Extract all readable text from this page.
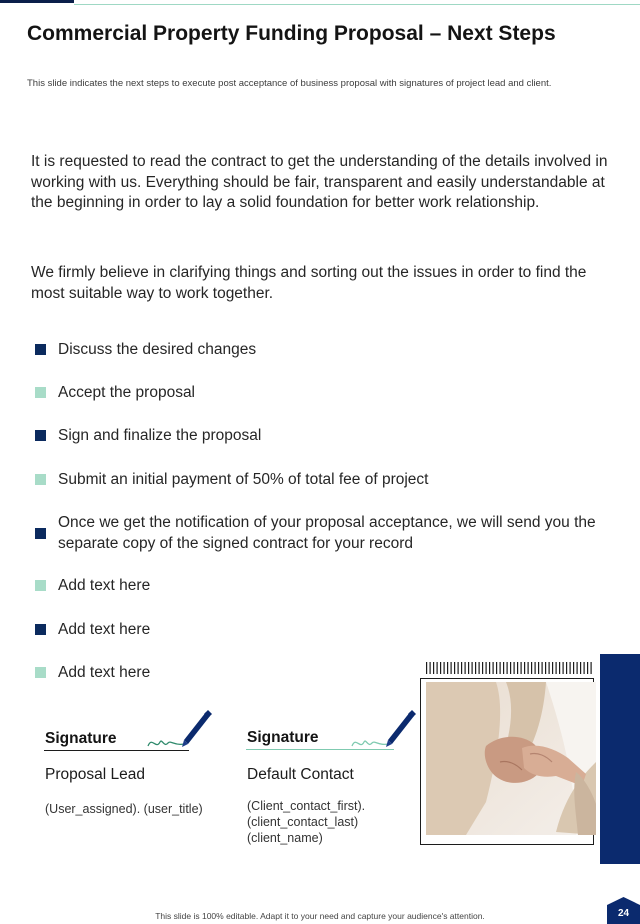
Commercial Property Funding Proposal – Next Steps

This slide indicates the next steps to execute post acceptance of business proposal with signatures of project lead and client.

It is requested to read the contract to get the understanding of the details involved in working with us. Everything should be fair, transparent and easily understandable at the beginning in order to lay a solid foundation for better work relationship.

We firmly believe in clarifying things and sorting out the issues in order to find the most suitable way to work together.

Discuss the desired changes
Accept the proposal
Sign and finalize the proposal
Submit an initial payment of 50% of total fee of project
Once we get the notification of your proposal acceptance, we will send you the separate copy of the signed contract for your record
Add text here
Add text here
Add text here
Signature
Proposal Lead
(User_assigned). (user_title)
Signature
Default Contact
(Client_contact_first).
(client_contact_last)
(client_name)
This slide is 100% editable. Adapt it to your need and capture your audience's attention.	24
